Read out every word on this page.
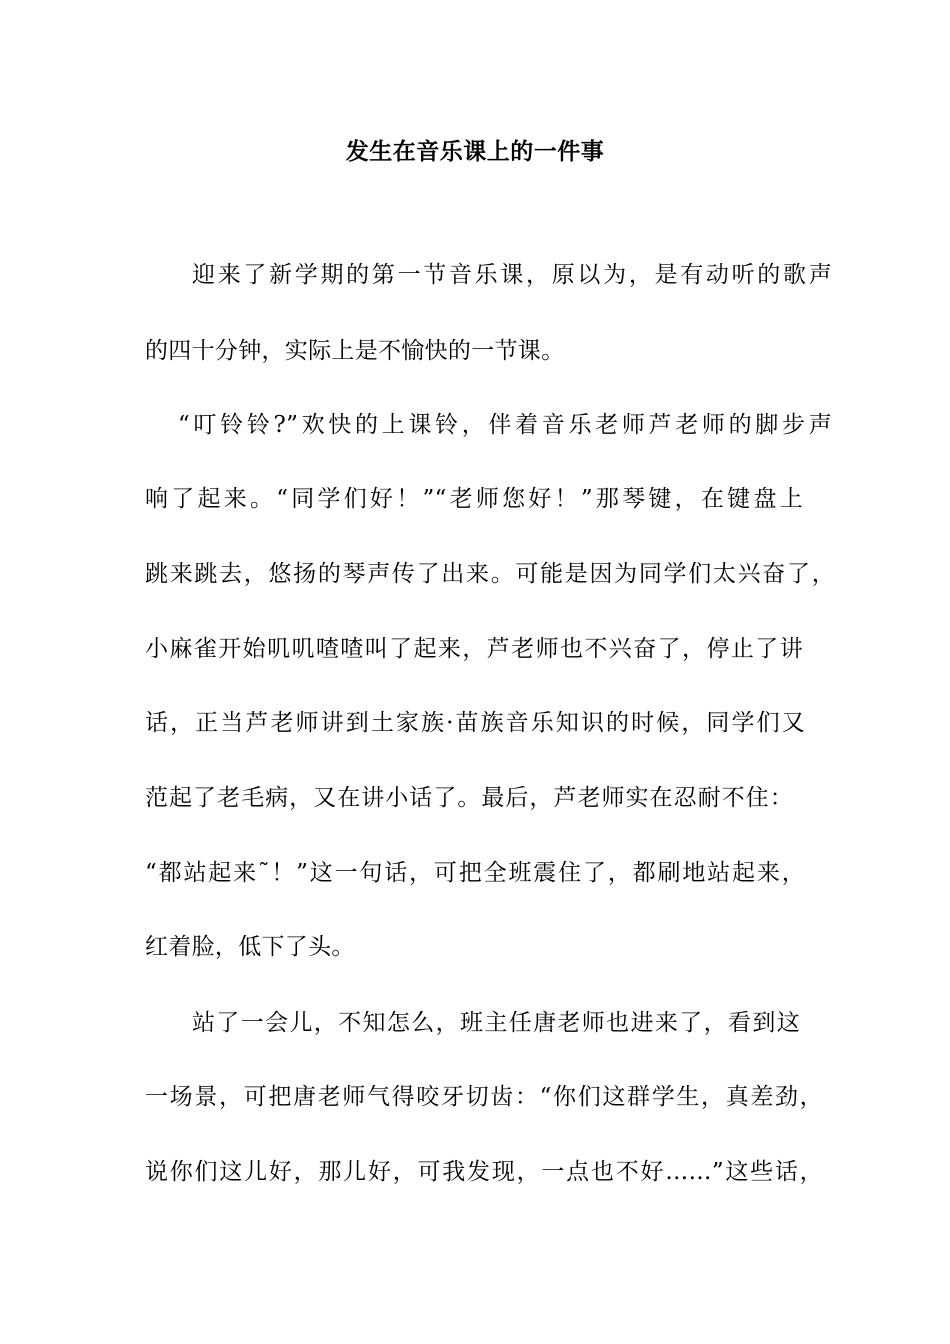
发生在音乐课上的一件事
迎来了新学期的第一节音乐课，原以为，是有动听的歌声
的四十分钟，实际上是不愉快的一节课。
“叮铃铃?”欢快的上课铃，伴着音乐老师芦老师的脚步声
响了起来。“同学们好！”“老师您好！”那琴键，在键盘上
跳来跳去，悠扬的琴声传了出来。可能是因为同学们太兴奋了，
小麻雀开始叽叽喳喳叫了起来，芦老师也不兴奋了，停止了讲
话，正当芦老师讲到土家族·苗族音乐知识的时候，同学们又
范起了老毛病，又在讲小话了。最后，芦老师实在忍耐不住：
“都站起来˜！”这一句话，可把全班震住了，都刷地站起来，
红着脸，低下了头。
站了一会儿，不知怎么，班主任唐老师也进来了，看到这
一场景，可把唐老师气得咬牙切齿：“你们这群学生，真差劲，
说你们这儿好，那儿好，可我发现，一点也不好……”这些话，
